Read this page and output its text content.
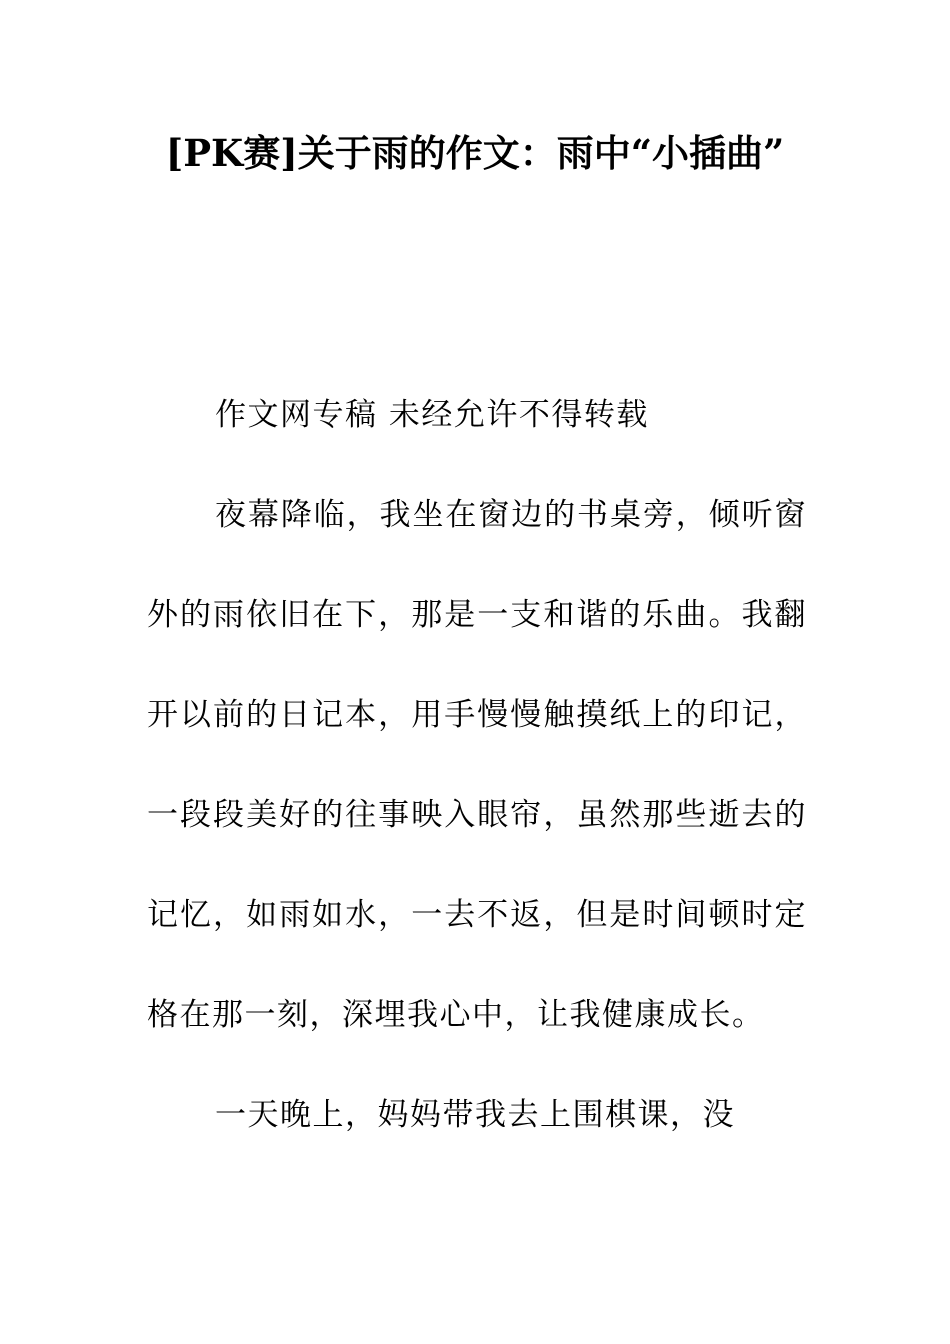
[PK赛]关于雨的作文：雨中“小插曲”

作文网专稿 未经允许不得转载

夜幕降临，我坐在窗边的书桌旁，倾听窗外的雨依旧在下，那是一支和谐的乐曲。我翻开以前的日记本，用手慢慢触摸纸上的印记，一段段美好的往事映入眼帘，虽然那些逝去的记忆，如雨如水，一去不返，但是时间顿时定格在那一刻，深埋我心中，让我健康成长。

一天晚上，妈妈带我去上围棋课，没
